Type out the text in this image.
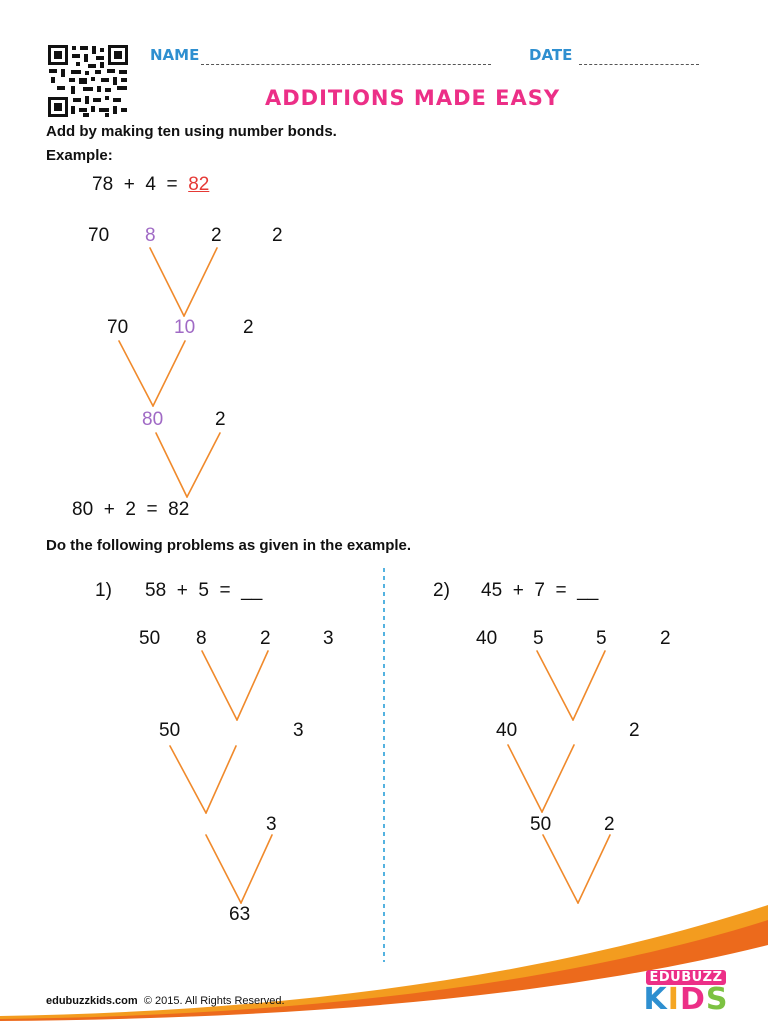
NAME	DATE
ADDITIONS MADE EASY
Add by making ten using number bonds.
Example:
78 + 4 = 82
70 8	2	2
70 10	2
80	2
80  +  2  =  82
Do the following problems as given in the example.
1) 58  +  5  =  __
50 8	2	3
50	3
3
63
2) 45  +  7  =  __
40 5	5	2
40	2
50	2
edubuzzkids.com © 2015. All Rights Reserved.
EDUBUZZ
KIDS
